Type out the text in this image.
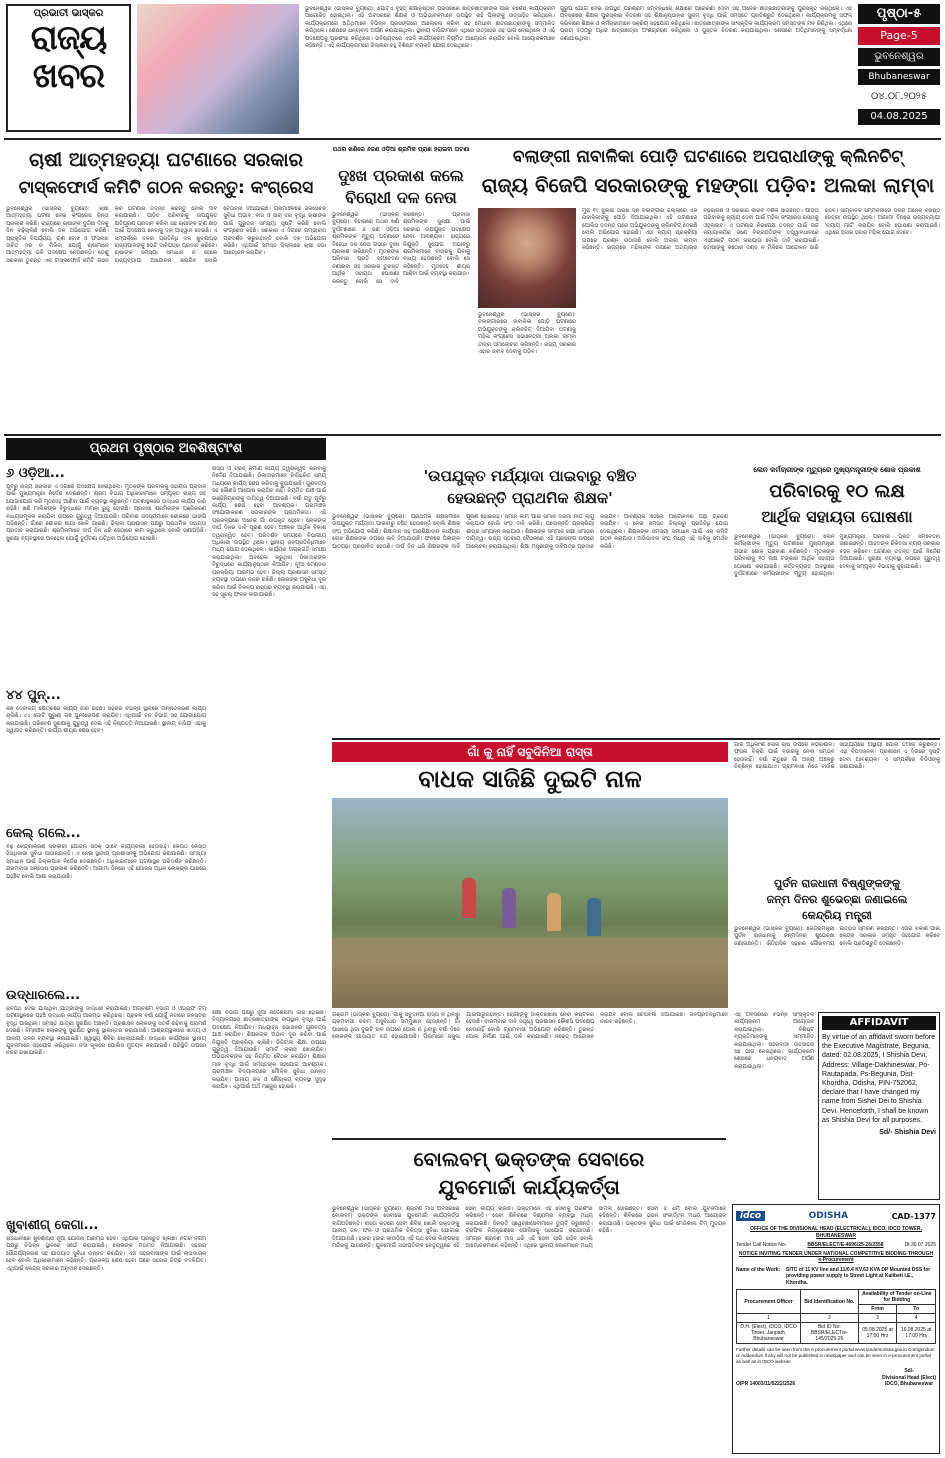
ପ୍ରଭାତୀ ଭାସ୍କର
ରାଜ୍ୟ
ଖବର
ଭୁବନେଶ୍ୱର (ଭାସ୍କର ବ୍ୟୁରୋ): ଗୋଟିଏ ବୃହତ୍ ଶିକ୍ଷାନୁଷ୍ଠାନ ପରିସରରେ ଛାତ୍ରଛାତ୍ରୀଙ୍କ ପାଇଁ ବିଶେଷ କାର୍ଯ୍ୟକ୍ରମ ଆୟୋଜିତ ହୋଇଥିଲା। ଏହି ଅବସରରେ ଶିକ୍ଷକ ଓ ଅଭିଭାବକମାନେ ଉପସ୍ଥିତ ରହି ପିଲାଙ୍କୁ ଉତ୍ସାହିତ କରିଥିଲେ। କାର୍ଯ୍ୟକ୍ରମରେ ଅତିଥିମାନେ ବିଭିନ୍ନ ପ୍ରସଙ୍ଗରେ ଆଲୋଚନା କରିବା ସହ ମେଧାବୀ ଛାତ୍ରଛାତ୍ରୀଙ୍କୁ ସମ୍ମାନିତ କରିଥିଲେ। ଶେଷରେ ଧନ୍ୟବାଦ ଅର୍ପଣ କରାଯାଇଥିଲା। ସ୍ଥାନୀୟ ବାସିନ୍ଦାମାନେ ଏଥିରେ ଉତ୍ସାହର ସହ ଭାଗ ନେଇଥିଲେ ଓ ଏହି ପଦକ୍ଷେପକୁ ପ୍ରଶଂସା କରିଥିଲେ। ଭବିଷ୍ୟତରେ ଏଭଳି କାର୍ଯ୍ୟକ୍ରମ ନିୟମିତ ଆୟୋଜନ କରାଯିବ ବୋଲି ଆୟୋଜକମାନେ କହିଛନ୍ତି। ଏହି କାର୍ଯ୍ୟକ୍ରମରେ ଜିଲ୍ଲାର ବହୁ ବିଶିଷ୍ଟ ବ୍ୟକ୍ତି ଯୋଗ ଦେଇଥିଲେ।
ଗୁରୁପ ଯୋଗ ଦେଇ ଉପସ୍ଥିତ ପରିଶ୍ରମ ସମ୍ବନ୍ଧରେ ଶିକ୍ଷାରେ ପ୍ରେରଣା ଦେବା ସହ ଅନେକ ଛାତ୍ରଛାତ୍ରୀଙ୍କୁ ପୁରସ୍କୃତ କରିଥିଲେ। ଏହି ଅବସରରେ ଶିକ୍ଷକ ପୁରସ୍କାର ବିତରଣ ସହ ଶିକ୍ଷାନୁଷ୍ଠାନର ସୁନାମ ବୃଦ୍ଧି ପାଇଁ ସମସ୍ତେ ପ୍ରତିଶ୍ରୁତି ଦେଇଥିଲେ। କାର୍ଯ୍ୟକ୍ରମକୁ ସଫଳ କରିବାରେ ଶିକ୍ଷକ ଓ କର୍ମଚାରୀମାନେ ସକ୍ରିୟ ସହଯୋଗ କରିଥିଲେ। ଛାତ୍ରଛାତ୍ରୀଙ୍କ ସାଂସ୍କୃତିକ କାର୍ଯ୍ୟକ୍ରମ ସମସ୍ତଙ୍କ ମନ ଜିଣିଥିଲା। ଏଥିରେ ପ୍ରାୟ ୫୦୦ରୁ ଅଧିକ ଛାତ୍ରଛାତ୍ରୀ ଅଂଶଗ୍ରହଣ କରିଥିଲେ ଓ ପୁସ୍ତକ ବିତରଣ କରାଯାଇଥିଲା। ଶେଷରେ ଅତିଥିମାନଙ୍କୁ ସମ୍ବର୍ଦ୍ଧନା ଜଣାଯାଇଥିଲା।
ପୃଷ୍ଠା-୫
Page-5
ଭୁବନେଶ୍ୱର
Bhubaneswar
୦୪.୦୮.୨୦୨୫
04.08.2025
ଚାଷୀ ଆତ୍ମହତ୍ୟା ଘଟଣାରେ ସରକାର
ଟାସ୍କଫୋର୍ସ କମିଟି ଗଠନ କରନ୍ତୁ: କଂଗ୍ରେସ
ଭୁବନେଶ୍ୱର (ଭାସ୍କର ବ୍ୟୁରୋ): ଚାଷୀ ଆତ୍ମହତ୍ୟା ଘଟଣା ନେଇ କଂଗ୍ରେସ ଚିନ୍ତା ପ୍ରକାଶ କରିଛି। ରାଜ୍ୟରେ ଚାଷୀଙ୍କ ଦୁର୍ଦ୍ଦଶା ଦିନକୁ ଦିନ ବଢ଼ିଚାଲିଛି ବୋଲି ଦଳ ଅଭିଯୋଗ କରିଛି। ପ୍ରାକୃତିକ ବିପର୍ଯ୍ୟୟ, ଋଣ ବୋଝ ଓ ଫସଲର ଉଚିତ ଦର ନ ମିଳିବା ଯୋଗୁଁ ଚାଷୀମାନେ ଆତ୍ମହତ୍ୟା ଭଳି ପଦକ୍ଷେପ ନେଉଛନ୍ତି। ତେଣୁ ସରକାର ତୁରନ୍ତ ଏକ ଟାସ୍କଫୋର୍ସ କମିଟି ଗଠନ କରି ଘଟଣାର ତଦନ୍ତ କରନ୍ତୁ ବୋଲି ଦାବି କରାଯାଇଛି। ପୀଡ଼ିତ ପରିବାରକୁ ଉପଯୁକ୍ତ କ୍ଷତିପୂରଣ ପ୍ରଦାନ କରିବା ସହ ଚାଷୀଙ୍କ ଋଣ ଛାଡ଼ ପାଇଁ ପଦକ୍ଷେପ ନେବାକୁ ଦଳ ଆହ୍ୱାନ ଦେଇଛି। ଏ ସମ୍ପର୍କରେ ଦଳର ପ୍ରତିନିଧି ଦଳ ଖୁବଶୀଘ୍ର ରାଜ୍ୟପାଳଙ୍କୁ ଭେଟି ଦାବିପତ୍ର ପ୍ରଦାନ କରିବେ। ଚାଷୀଙ୍କ ସମସ୍ୟା ସମାଧାନ ନ ହେଲେ ରାଜ୍ୟବ୍ୟାପୀ ଆନ୍ଦୋଳନ କରାଯିବ ବୋଲି ଚେତାବନୀ ଦିଆଯାଇଛି। ଗ୍ରାମାଞ୍ଚଳରେ ଜଳସେଚନ ସୁବିଧା ଅଭାବ, ବୀଜ ଓ ସାର ଦର ବୃଦ୍ଧି ଚାଷୀଙ୍କ ପାଇଁ ଗୁରୁତର ସମସ୍ୟା ସୃଷ୍ଟି କରିଛି ବୋଲି କଂଗ୍ରେସ କହିଛି। ସରକାର ଏ ଦିଗରେ ଗମ୍ଭୀରତା ପ୍ରଦର୍ଶନ କରୁନାହାନ୍ତି ବୋଲି ଦଳ ଅଭିଯୋଗ କରିଛି। ଏଥିପାଇଁ ସମସ୍ତ ଜିଲ୍ଲାରେ ଚାଷୀ ସଭା ଆୟୋଜନ କରାଯିବ।
ପଥର ଖଣିରେ ୬ଜଣ ଓଡ଼ିଆ ଶ୍ରମିକ ପ୍ରାଣ ହରାଇବା ଘଟଣା
ଦୁଃଖ ପ୍ରକାଶ କଲେ
ବିରୋଧୀ ଦଳ ନେତା
ଭୁବନେଶ୍ୱର (ଭାସ୍କର ବ୍ୟୁରୋ): ବିହାରରେ ପଥର ଖଣି ଦୁର୍ଘଟଣାରେ ୬ ଜଣ ଓଡ଼ିଆ ଶ୍ରମିକଙ୍କ ମୃତ୍ୟୁ ଘଟଣାରେ ବିରୋଧୀ ଦଳ ନେତା ଗଭୀର ଦୁଃଖ ପ୍ରକାଶ କରିଛନ୍ତି। ମୃତକଙ୍କ ପରିବାର ପ୍ରତି ସମବେଦନା ଜଣାଇବା ସହ ସରକାର ତୁରନ୍ତ ଆର୍ଥିକ ସହାୟତା ଘୋଷଣା କରନ୍ତୁ ବୋଲି ସେ ଦାବି କରିଛନ୍ତି। ପ୍ରବାସୀ ଶ୍ରମିକଙ୍କ ସୁରକ୍ଷା ପାଇଁ ସରକାର ଉପଯୁକ୍ତ ପଦକ୍ଷେପ ନେବା ଆବଶ୍ୟକ। ରାଜ୍ୟରେ ନିଯୁକ୍ତି ସୁଯୋଗ ଅଭାବରୁ ଶ୍ରମିକମାନେ ବାହାରକୁ ଯିବାକୁ ବାଧ୍ୟ ହେଉଛନ୍ତି ବୋଲି ସେ କହିଛନ୍ତି। ମୃତଦେହ ଶୀଘ୍ର ଆଣିବା ପାଇଁ ବ୍ୟବସ୍ଥା କରାଯାଉ।
ବଲାଙ୍ଗୀ ନାବାଳିକା ପୋଡ଼ି ଘଟଣାରେ ଅପରାଧୀଙ୍କୁ କ୍ଲିନଚିଟ୍
ରାଜ୍ୟ ବିଜେପି ସରକାରଙ୍କୁ ମହଙ୍ଗା ପଡ଼ିବ: ଅଲକା ଲାମ୍ବା
ଭୁବନେଶ୍ୱର (ଭାସ୍କର ବ୍ୟୁରୋ): ବଲାଙ୍ଗୀରରେ ନାବାଳିକା ପୋଡ଼ି ଘଟଣାରେ ଅଭିଯୁକ୍ତଙ୍କୁ କ୍ଲିନଚିଟ୍ ଦିଆଯିବା ଘଟଣାକୁ ମହିଳା କଂଗ୍ରେସ ସଭାନେତ୍ରୀ ଅଲକା ଲାମ୍ବା ତୀବ୍ର ସମାଲୋଚନା କରିଛନ୍ତି। ରାଜ୍ୟ ସରକାର ଏହାର ଜବାବ ଦେବାକୁ ପଡ଼ିବ।
ମୁହାଁ ୧୯ ଜୁଲାଇ ତାରିଖ ଦିନ ବଲାଙ୍ଗୀର ଜିଲ୍ଲାରେ ଏକ ନାବାଳିକାଙ୍କୁ ପୋଡ଼ି ଦିଆଯାଇଥିଲା। ଏହି ଘଟଣାରେ ପୋଲିସ ତଦନ୍ତ ପରେ ଅଭିଯୁକ୍ତଙ୍କୁ କ୍ଲିନଚିଟ୍ ଦେଇଛି ବୋଲି ଅଭିଯୋଗ ହୋଇଛି। ଏହା ନ୍ୟାୟ ପ୍ରକ୍ରିୟା ଉପରେ ପ୍ରଶ୍ନ ଉଠାଉଛି ବୋଲି ଅଲକା ଲାମ୍ବା କହିଛନ୍ତି। ରାଜ୍ୟରେ ମହିଳାଙ୍କ ଉପରେ ଅତ୍ୟାଚାର ବଢ଼ିଚାଲିଛି ଓ ସରକାର ନୀରବ ଦର୍ଶକ ସାଜିଛନ୍ତି। ପୀଡ଼ିତା ପରିବାରକୁ ନ୍ୟାୟ ଦେବା ପାଇଁ ମହିଳା କଂଗ୍ରେସ ରାସ୍ତାକୁ ଓହ୍ଲାଇବ। ଏ ଘଟଣାର ନିରପେକ୍ଷ ତଦନ୍ତ ପାଇଁ ଉଚ୍ଚ ନ୍ୟାୟାଳୟର ଜଣେ ବିଚାରପତିଙ୍କ ତତ୍ତ୍ୱାବଧାନରେ ଏସଆଇଟି ଗଠନ କରାଯାଉ ବୋଲି ଦାବି କରାଯାଇଛି। ଦୋଷୀଙ୍କୁ କଠୋର ଦଣ୍ଡ ନ ମିଳିଲେ ଆନ୍ଦୋଳନ ଜାରି ରହିବ। ସାମ୍ବାଦିକ ସମ୍ମିଳନୀରେ ଦଳର ଅନେକ ବରିଷ୍ଠ ନେତ୍ରୀ ଉପସ୍ଥିତ ଥିଲେ। ଆଗାମୀ ଦିନରେ ରାଜ୍ୟବ୍ୟାପୀ 'ନ୍ୟାୟ ମାର୍ଚ୍ଚ' କରାଯିବ ବୋଲି ଘୋଷଣା କରାଯାଇଛି। ଏଥିରେ ହଜାର ହଜାର ମହିଳା ଯୋଗ ଦେବେ।
ପ୍ରଥମ ପୃଷ୍ଠାର ଅବଶିଷ୍ଟାଂଶ
୬ ଓଡ଼ିଆ...
ପୂର୍ବରୁ ରାଜ୍ୟ ସରକାର ଏ ଦିଗରେ ପଦକ୍ଷେପ ନେଇଥିଲେ। ମୃତକଙ୍କ ପରିବାରକୁ ସହାୟତା ପ୍ରଦାନ ପାଇଁ ମୁଖ୍ୟମନ୍ତ୍ରୀ ନିର୍ଦ୍ଦେଶ ଦେଇଛନ୍ତି। ଶ୍ରମ ବିଭାଗ ଅଧିକାରୀମାନେ ସମ୍ପୃକ୍ତ ରାଜ୍ୟ ସହ ଯୋଗାଯୋଗ କରି ମୃତଦେହ ଆଣିବା ପାଇଁ ବ୍ୟବସ୍ଥା କରୁଛନ୍ତି। ଘଟଣାସ୍ଥଳରେ ଉଦ୍ଧାର କାର୍ଯ୍ୟ ଜାରି ରହିଛି। ଖଣି ମାଲିକଙ୍କ ବିରୁଦ୍ଧରେ ମାମଲା ରୁଜୁ ହୋଇଛି। ପ୍ରବାସୀ ଶ୍ରମିକଙ୍କ ପଞ୍ଜିକରଣ ବାଧ୍ୟତାମୂଳକ କରାଯିବା ଉପରେ ଗୁରୁତ୍ୱ ଦିଆଯାଉଛି। ପରିବାର ସଦସ୍ୟମାନେ ଶୋକରେ ଭାଙ୍ଗି ପଡ଼ିଛନ୍ତି। ଗାଁରେ ଶୋକର ଛାୟା ଖେଳି ଯାଇଛି। ଜିଲ୍ଲା ପ୍ରଶାସନ ପକ୍ଷରୁ ପ୍ରାଥମିକ ସହାୟତା ପ୍ରଦାନ କରାଯାଇଛି। ଶ୍ରମିକମାନେ ଦୀର୍ଘ ଦିନ ଧରି ସେଠାରେ କାମ କରୁଥିଲେ ବୋଲି ଜଣାପଡ଼ିଛି। ସୁରକ୍ଷା ବ୍ୟବସ୍ଥାରେ ଅବହେଳା ଯୋଗୁଁ ଦୁର୍ଘଟଣା ଘଟିଥିବା ଅଭିଯୋଗ ହୋଇଛି।
୪୪ ପୁନ୍...
କିଛି ଦେବାଳୟ କ୍ଷେତ୍ରରେ କାର୍ଯ୍ୟ ଜାରି ରହିଛି। ସହରର ବିଭିନ୍ନ ସ୍ଥାନରେ ଉନ୍ନତିକରଣ କାର୍ଯ୍ୟ ଚାଲିଛି। ୪୪ ଗୋଟି ପୁରୁଣା ଗଛ ପୁନଃରୋପଣ କରାଯିବ। ଏଥିପାଇଁ ବନ ବିଭାଗ ସହ ଯୋଗାଯୋଗ କରାଯାଇଛି। ପରିବେଶ ସୁରକ୍ଷାକୁ ଗୁରୁତ୍ୱ ଦେଇ ଏହି ନିଷ୍ପତ୍ତି ନିଆଯାଇଛି। ସ୍ଥାନୀୟ ବାସିନ୍ଦା ଏହାକୁ ସ୍ୱାଗତ କରିଛନ୍ତି। କାର୍ଯ୍ୟ ଶୀଘ୍ର ଶେଷ ହେବ।
କେଲ୍ ଗଲେ...
ବଢ଼ି କେନ୍ଦ୍ରୀକରଣ ସରକାରୀ ଯୋଜନା ସଠିକ୍ ଭାବେ କାର୍ଯ୍ୟକାରୀ ହେଉନାହିଁ। କେଉଁଠି କେଉଁଠି ହିତାଧିକାରୀ ସୁବିଧା ପାଉନାହାନ୍ତି। ଏ ନେଇ ସ୍ଥାନୀୟ ପ୍ରଶାସନକୁ ଅଭିଯୋଗ କରାଯାଇଛି। ସମସ୍ୟା ସମାଧାନ ପାଇଁ ଜିଲ୍ଲାପାଳ ନିର୍ଦ୍ଦେଶ ଦେଇଛନ୍ତି। ଅଧିକାରୀମାନେ ଘଟଣାସ୍ଥଳ ପରିଦର୍ଶନ କରିଛନ୍ତି। ଗ୍ରାମବାସୀ ସନ୍ତୋଷ ପ୍ରକାଶ କରିଛନ୍ତି। ଆଗାମୀ ଦିନରେ ଏହି ଯୋଜନା ଅଧିକ ଲୋକଙ୍କ ପାଖରେ ପହଞ୍ଚିବ ବୋଲି ଆଶା କରାଯାଉଛି।
ଉଦ୍ଧାରଲେ...
ଜଳପଥ ଦେଇ ଯାଉଥିବା ଯାତ୍ରୀଙ୍କୁ ଉଦ୍ଧାର କରାଯାଇଛି। ଅଗ୍ନିଶମ ବିଭାଗ ଓ ଓଡ୍ରାଫ ଟିମ୍ ଘଟଣାସ୍ଥଳରେ ପହଞ୍ଚି ଉଦ୍ଧାର କାର୍ଯ୍ୟ ଆରମ୍ଭ କରିଥିଲେ। ପ୍ରବଳ ବର୍ଷା ଯୋଗୁଁ ନଦୀରେ ଜଳସ୍ତର ବୃଦ୍ଧି ପାଇଥିଲା। ସମସ୍ତ ଯାତ୍ରୀ ସୁରକ୍ଷିତ ଅଛନ୍ତି। ପ୍ରଶାସନ ଲୋକଙ୍କୁ ସତର୍କ ରହିବାକୁ ପରାମର୍ଶ ଦେଇଛି। ନିମ୍ନାଞ୍ଚଳ ଲୋକଙ୍କୁ ସୁରକ୍ଷିତ ସ୍ଥାନକୁ ସ୍ଥାନାନ୍ତର କରାଯାଉଛି। ଆଶ୍ରୟସ୍ଥଳୀରେ ଖାଦ୍ୟ ଓ ପାନୀୟ ଜଳର ବ୍ୟବସ୍ଥା କରାଯାଇଛି। ସ୍ୱାସ୍ଥ୍ୟ ଶିବିର ଖୋଲାଯାଇଛି। ଉଦ୍ଧାର କାର୍ଯ୍ୟରେ ସ୍ଥାନୀୟ ଯୁବକମାନେ ସହଯୋଗ କରିଥିଲେ। ନଦୀ କୂଳରେ ପୋଲିସ ମୁତୟନ କରାଯାଇଛି। ପରିସ୍ଥିତି ଉପରେ ନଜର ରଖାଯାଇଛି।
ଖୁବାଶୀଗ୍ କେଗା...
ରାଜଧାନୀରେ ଖୁବଶୀଘ୍ର ନୂଆ ଯୋଜନା ଆରମ୍ଭ ହେବ। ଏଥିପାଇଁ ପ୍ରସ୍ତୁତି ଚାଲିଛି। ନଗର ନିଗମ ପକ୍ଷରୁ ବିଭିନ୍ନ ସ୍ଥାନରେ ସର୍ଭେ କରାଯାଇଛି। ଲୋକଙ୍କ ମତାମତ ନିଆଯାଇଛି। ସହରର ସୌନ୍ଦର୍ଯ୍ୟକରଣ ସହ ଯାତାୟାତ ସୁବିଧା ଉନ୍ନତ କରାଯିବ। ଏହା ସହରବାସୀଙ୍କ ପାଇଁ ଲାଭଦାୟକ ହେବ ବୋଲି ଅଧିକାରୀମାନେ କହିଛନ୍ତି। ପ୍ରକଳ୍ପ ଶେଷ ହେବା ପରେ ସହରର ଚିତ୍ର ବଦଳିଯିବ। ଏଥିପାଇଁ କେନ୍ଦ୍ର ସରକାର ଅନୁଦାନ ଦେଇଛନ୍ତି।
ରାସ୍ତା ଓ ବ୍ରିଜ୍ ନିର୍ମାଣ କାର୍ଯ୍ୟ ତ୍ୱରାନ୍ୱିତ କରିବାକୁ ନିର୍ଦ୍ଦେଶ ଦିଆଯାଇଛି। ଠିକାଦାରମାନେ ନିର୍ଦ୍ଧାରିତ ସମୟ ମଧ୍ୟରେ କାର୍ଯ୍ୟ ଶେଷ କରିବାକୁ କୁହାଯାଇଛି। ଗୁଣବତ୍ତା ସହ କୌଣସି ଆପୋଷ କରାଯିବ ନାହିଁ। ନିୟମିତ ଯାଞ୍ଚ ପାଇଁ ଇଞ୍ଜିନିୟରଙ୍କୁ ଦାୟିତ୍ୱ ଦିଆଯାଇଛି। ବର୍ଷା ଋତୁ ପୂର୍ବରୁ କାର୍ଯ୍ୟ ଶେଷ ହେବା ଆବଶ୍ୟକ। ଗ୍ରାମାଞ୍ଚଳ ସଂଯୋଗୀକରଣ ସରକାରଙ୍କ ପ୍ରାଥମିକତା। ଏହି ପ୍ରକଳ୍ପରେ ଅନେକ ଗାଁ ଉପକୃତ ହେବେ। ଲୋକଙ୍କ ଦୀର୍ଘ ଦିନର ଦାବି ପୂରଣ ହେବ। ଅଞ୍ଚଳର ଆର୍ଥିକ ବିକାଶ ତ୍ୱରାନ୍ୱିତ ହେବ। ପରିଦର୍ଶନ ସମୟରେ ବିଭାଗୀୟ ଅଧିକାରୀ ଉପସ୍ଥିତ ଥିଲେ। ସ୍ଥାନୀୟ ଜନପ୍ରତିନିଧିମାନେ ମଧ୍ୟ ଯୋଗ ଦେଇଥିଲେ। କାର୍ଯ୍ୟର ଅଗ୍ରଗତି ସମୀକ୍ଷା କରାଯାଇଥିଲା। ଅବହେଳା କରୁଥିବା ଠିକାଦାରଙ୍କ ବିରୁଦ୍ଧରେ କାର୍ଯ୍ୟାନୁଷ୍ଠାନ ନିଆଯିବ। ନୂଆ ଟେଣ୍ଡର ପ୍ରକ୍ରିୟା ଆରମ୍ଭ ହେବ। ଜିଲ୍ଲା ପ୍ରଶାସନ ସମସ୍ତ ବ୍ୟବସ୍ଥା ଉପରେ ନଜର ରଖିଛି। ଲୋକଙ୍କ ଅସୁବିଧା ଦୂର କରିବା ପାଇଁ ବିକଳ୍ପ ରାସ୍ତାର ବ୍ୟବସ୍ଥା କରାଯାଇଛି। ଏହା ସହ ସୂଚନା ଫଳକ ଲଗାଯାଇଛି।
ଶିକ୍ଷା ବିଭାଗ ପକ୍ଷରୁ ନୂଆ ନିର୍ଦ୍ଦେଶନାମା ଜାରି ହୋଇଛି। ବିଦ୍ୟାଳୟରେ ଛାତ୍ରଛାତ୍ରୀଙ୍କ ଉପସ୍ଥାନ ବୃଦ୍ଧି ପାଇଁ ପଦକ୍ଷେପ ନିଆଯିବ। ମଧ୍ୟାହ୍ନ ଭୋଜନର ଗୁଣବତ୍ତା ଯାଞ୍ଚ କରାଯିବ। ଶିକ୍ଷକଙ୍କ ଅଭାବ ଦୂର କରିବା ପାଇଁ ନିଯୁକ୍ତି ପ୍ରକ୍ରିୟା ଚାଲିଛି। ଡିଜିଟାଲ ଶିକ୍ଷା ଉପରେ ଗୁରୁତ୍ୱ ଦିଆଯାଉଛି। ସ୍ମାର୍ଟ କ୍ଲାସ ଖୋଲାଯିବ। ଅଭିଭାବକଙ୍କ ସହ ନିୟମିତ ବୈଠକ କରାଯିବ। ଶିକ୍ଷାର ମାନ ବୃଦ୍ଧି ପାଇଁ ସମସ୍ତଙ୍କ ସହଯୋଗ ଆବଶ୍ୟକ। ଗ୍ରାମାଞ୍ଚଳ ବିଦ୍ୟାଳୟରେ ମୌଳିକ ସୁବିଧା ଉନ୍ନତ କରାଯିବ। ପାନୀୟ ଜଳ ଓ ଶୌଚାଳୟ ବ୍ୟବସ୍ଥା ସୁଦୃଢ଼ କରାଯିବ। ଏଥିପାଇଁ ଅର୍ଥ ମଞ୍ଜୁର ହୋଇଛି।
'ଉପଯୁକ୍ତ ମର୍ଯ୍ୟାଦା ପାଇବାରୁ ବଞ୍ଚିତ
ହେଉଛନ୍ତି ପ୍ରାଥମିକ ଶିକ୍ଷକ'
ଭୁବନେଶ୍ୱର (ଭାସ୍କର ବ୍ୟୁରୋ): ପ୍ରାଥମିକ ଶିକ୍ଷକମାନେ ଉପଯୁକ୍ତ ମର୍ଯ୍ୟାଦା ପାଇବାରୁ ବଞ୍ଚିତ ହେଉଛନ୍ତି ବୋଲି ଶିକ୍ଷକ ସଂଘ ଅଭିଯୋଗ କରିଛି। ଶିକ୍ଷାଦାନ ସହ ଅଣଶିକ୍ଷାଦାନ କାର୍ଯ୍ୟର ବୋଝ ଶିକ୍ଷକଙ୍କ ଉପରେ ଲଦି ଦିଆଯାଉଛି। ଫଳରେ ପିଲାଙ୍କ ପାଠପଢ଼ା ପ୍ରଭାବିତ ହେଉଛି। ଦୀର୍ଘ ଦିନ ଧରି ଶିକ୍ଷକଙ୍କ ଦାବି ପୂରଣ ହୋଇନାହିଁ। ସମାନ କାମ ପାଇଁ ସମାନ ଦରମା ନୀତି ଲାଗୁ କରାଯାଉ ବୋଲି ସଂଘ ଦାବି କରିଛି। ପଦୋନ୍ନତି ପ୍ରକ୍ରିୟା ଶୀଘ୍ର ସମ୍ପନ୍ନ କରାଯାଉ। ଶିକ୍ଷକଙ୍କ ସମ୍ମାନ ରକ୍ଷା ସମାଜର ଦାୟିତ୍ୱ। ରାଜ୍ୟ ସ୍ତରୀୟ ବୈଠକରେ ଏହି ପ୍ରସଙ୍ଗ ଉପରେ ଆଲୋଚନା କରାଯାଇଥିଲା। ଶିକ୍ଷା ମନ୍ତ୍ରୀଙ୍କୁ ଦାବିପତ୍ର ପ୍ରଦାନ କରାଯିବ। ଆବଶ୍ୟକ ହେଲେ ଆନ୍ଦୋଳନର ପନ୍ଥା ଗ୍ରହଣ କରାଯିବ। ଏ ନେଇ ସମସ୍ତ ଜିଲ୍ଲାରୁ ପ୍ରତିନିଧି ଯୋଗ ଦେଇଥିଲେ। ଶିକ୍ଷକଙ୍କ ସମସ୍ୟା ସମାଧାନ ପାଇଁ ଏକ କମିଟି ଗଠନ କରାଯାଉ। ଅଭିଭାବକ ସଂଘ ମଧ୍ୟ ଏହି ଦାବିକୁ ସମର୍ଥନ କରିଛି।
ଲେନ କର୍ମଚାରୀଙ୍କ ମୃତ୍ୟୁରେ ମୁଖ୍ୟମନ୍ତ୍ରୀଙ୍କ ଶୋକ ପ୍ରକାଶ
ପରିବାରକୁ ୧୦ ଲକ୍ଷ
ଆର୍ଥିକ ସହାୟତା ଘୋଷଣା
ଭୁବନେଶ୍ୱର (ଭାସ୍କର ବ୍ୟୁରୋ): ଲେନ କର୍ମଚାରୀଙ୍କ ମୃତ୍ୟୁ ଘଟଣାରେ ମୁଖ୍ୟମନ୍ତ୍ରୀ ଗଭୀର ଶୋକ ପ୍ରକାଶ କରିଛନ୍ତି। ମୃତକଙ୍କ ପରିବାରକୁ ୧୦ ଲକ୍ଷ ଟଙ୍କାର ଆର୍ଥିକ ସହାୟତା ଘୋଷଣା କରାଯାଇଛି। କର୍ତ୍ତବ୍ୟରତ ଅବସ୍ଥାରେ ଦୁର୍ଘଟଣାରେ କର୍ମଚାରୀଙ୍କ ମୃତ୍ୟୁ ହୋଇଥିଲା। ମୁଖ୍ୟମନ୍ତ୍ରୀ ପରିବାର ପ୍ରତି ସମବେଦନା ଜଣାଇଛନ୍ତି। ଆହତଙ୍କ ଚିକିତ୍ସା ବ୍ୟୟ ସରକାର ବହନ କରିବେ। ଘଟଣାର ତଦନ୍ତ ପାଇଁ ନିର୍ଦ୍ଦେଶ ଦିଆଯାଇଛି। ସୁରକ୍ଷା ବ୍ୟବସ୍ଥା ଉପରେ ଗୁରୁତ୍ୱ ଦେବାକୁ ସମ୍ପୃକ୍ତ ବିଭାଗକୁ କୁହାଯାଇଛି।
ଗାଁ କୁ ନାହିଁ ସବୁଦିନିଆ ରାସ୍ତା
ବାଧକ ସାଜିଛି ଦୁଇଟି ନାଳ
ଗଞ୍ଜାମ (ଭାସ୍କର ବ୍ୟୁରୋ): ଗାଁକୁ ସବୁଦିନିଆ ରାସ୍ତା ନ ଥିବାରୁ ଗ୍ରାମବାସୀ ଚରମ ଅସୁବିଧାର ସମ୍ମୁଖୀନ ହେଉଛନ୍ତି। ଗାଁ ପାଖରେ ଥିବା ଦୁଇଟି ନାଳ ଉପରେ ପୋଲ ନ ଥିବାରୁ ବର୍ଷା ଦିନେ ଲୋକଙ୍କ ଯାତାୟାତ ବନ୍ଦ ହୋଇଯାଉଛି। ପିଲାମାନେ ସ୍କୁଲ ଯାଇପାରୁନାହାନ୍ତି। ରୋଗୀଙ୍କୁ ଡାକ୍ତରଖାନା ନେବା କଷ୍ଟକର ହେଉଛି। ବାରମ୍ବାର ଦାବି ସତ୍ତ୍ୱେ ପ୍ରଶାସନ କୌଣସି ପଦକ୍ଷେପ ନେଉନାହିଁ ବୋଲି ଗ୍ରାମବାସୀ ଅଭିଯୋଗ କରିଛନ୍ତି। ତୁରନ୍ତ ପୋଲ ନିର୍ମାଣ ପାଇଁ ଦାବି କରାଯାଇଛି। ନଚେତ୍ ଆନ୍ଦୋଳନ କରାଯିବ ବୋଲି ଚେତାବନୀ ଦିଆଯାଇଛି। ଜନପ୍ରତିନିଧିମାନେ ନୀରବ ରହିଛନ୍ତି।
ଗାଁର ଅଧିକାଂଶ ଲୋକ ଚାଷ ଉପରେ ନିର୍ଭରଶୀଳ। ଫସଲ ବିକ୍ରି ପାଇଁ ବଜାରକୁ ନେବା ସମ୍ଭବ ହେଉନାହିଁ। ବର୍ଷା ଋତୁରେ ଗାଁ ଅନ୍ୟ ଅଞ୍ଚଳରୁ ବିଚ୍ଛିନ୍ନ ହୋଇଯାଏ। ଗ୍ରାମବାସୀ ନିଜେ ବାଉଁଶ ସାହାଯ୍ୟରେ ଅସ୍ଥାୟୀ ପୋଲ ତିଆରି କରୁଛନ୍ତି। ଏହା ବିପଦଜନକ। ପ୍ରଶାସନ ଏ ଦିଗରେ ଦୃଷ୍ଟି ଦେବା ଆବଶ୍ୟକ। ଏ ସମ୍ପର୍କରେ ବିଡିଓଙ୍କୁ ଜଣାଯାଇଛି।
ପୁର୍ତନ ରାଜଧାନୀ ବିଷ୍ଣୁଙ୍କଙ୍କୁ
ଜନ୍ମ ଦିନର ଶୁଭେଚ୍ଛା ଜଣାଇଲେ
କେନ୍ଦ୍ରିୟ ମନ୍ତ୍ରୀ
ଭୁବନେଶ୍ୱର (ଭାସ୍କର ବ୍ୟୁରୋ): କେନ୍ଦ୍ରମନ୍ତ୍ରୀ ପୁର୍ତନ ରାଜଧାନୀକୁ ଜନ୍ମଦିନର ଶୁଭେଚ୍ଛା ଜଣାଇଛନ୍ତି। ଐତିହାସିକ ସହରର ଗୌରବମୟ ଇତିହାସ ସ୍ମରଣ କରିଛନ୍ତି। ଏହାର ବିକାଶ ପାଇଁ କେନ୍ଦ୍ର ସରକାର ସମସ୍ତ ସହଯୋଗ କରିବେ ବୋଲି ପ୍ରତିଶ୍ରୁତି ଦେଇଛନ୍ତି।
AFFIDAVIT
By virtue of an affidavit sworn before the Executive Magistrate, Begunia, dated: 02.08.2025, I Shishia Devi, Address: Village-Dakhineswar, Po-Rautapada, Ps-Begunia, Dist-Khordha, Odisha, PIN-752062, declare that I have changed my name from Sishei Dei to Shishia Devi. Henceforth, I shall be known as Shishia Devi for all purposes.
Sd/- Shishia Devi
ଏହି ଅବସରରେ ବିଭିନ୍ନ ସାଂସ୍କୃତିକ କାର୍ଯ୍ୟକ୍ରମ ଆୟୋଜନ କରାଯାଇଥିଲା। ବିଶିଷ୍ଟ ବ୍ୟକ୍ତିମାନଙ୍କୁ ସମ୍ମାନିତ କରାଯାଇଥିଲା। ସହରବାସୀ ଉତ୍ସାହର ସହ ଭାଗ ନେଇଥିଲେ। କାର୍ଯ୍ୟକ୍ରମ ଶେଷରେ ଧନ୍ୟବାଦ ଅର୍ପଣ କରାଯାଇଥିଲା।
ବୋଲବମ୍ ଭକ୍ତଙ୍କ ସେବାରେ
ଯୁବମୋର୍ଚ୍ଚା କାର୍ଯ୍ୟକର୍ତ୍ତା
ଭୁବନେଶ୍ୱର (ଭାସ୍କର ବ୍ୟୁରୋ): ଶ୍ରାବଣ ମାସ ଅବସରରେ ବୋଲବମ୍ ଭକ୍ତଙ୍କ ସେବାରେ ଯୁବମୋର୍ଚ୍ଚା କାର୍ଯ୍ୟକର୍ତ୍ତା ଲାଗିପଡ଼ିଛନ୍ତି। ରାସ୍ତା କଡ଼ରେ ସେବା ଶିବିର ଖୋଲି ଭକ୍ତଙ୍କୁ ପାନୀୟ ଜଳ, ଫଳ ଓ ପ୍ରାଥମିକ ଚିକିତ୍ସା ସୁବିଧା ଯୋଗାଇ ଦିଆଯାଉଛି। ହଜାର ହଜାର କାଉଡ଼ିଆ ଏହି ପଥ ଦେଇ ଲିଙ୍ଗରାଜ ମନ୍ଦିରକୁ ଯାଉଛନ୍ତି। ଯୁବମୋର୍ଚ୍ଚା ସଭାପତିଙ୍କ ନେତୃତ୍ୱରେ ଏହି ସେବା କାର୍ଯ୍ୟ ଚାଲିଛି। ଭକ୍ତମାନେ ଏହି ସେବାକୁ ପ୍ରଶଂସା କରିଛନ୍ତି। ସେବା ଶିବିରରେ ବିଶ୍ରାମର ବ୍ୟବସ୍ଥା ମଧ୍ୟ କରାଯାଇଛି। ଦିନରାତି ସ୍ୱେଚ୍ଛାସେବୀମାନେ ଡ୍ୟୁଟି କରୁଛନ୍ତି। ଟ୍ରାଫିକ ନିୟନ୍ତ୍ରଣରେ ପୋଲିସକୁ ସହଯୋଗ କରାଯାଉଛି। ସମଗ୍ର ଶ୍ରାବଣ ମାସ ଧରି ଏହି ସେବା ଜାରି ରହିବ ବୋଲି ଆୟୋଜକମାନେ କହିଛନ୍ତି। ଏଥିରେ ସ୍ଥାନୀୟ ଲୋକମାନେ ମଧ୍ୟ ସାମିଲ ହୋଇଛନ୍ତି। ସେବା ହିଁ ଧର୍ମ ବୋଲି ଯୁବକମାନେ କହିଛନ୍ତି। ଶିବିରରେ ଭଜନ ସଂକୀର୍ତ୍ତନ ମଧ୍ୟ ଆୟୋଜନ କରାଯାଉଛି। ଭକ୍ତଙ୍କ ସୁବିଧା ପାଇଁ ମେଡିକାଲ ଟିମ୍ ମୁତୟନ ରହିଛି।
idco	ODISHA	CAD-1377
OFFICE OF THE DIVISIONAL HEAD (ELECTRICAL), IDCO, IDCO TOWER, BHUBANESWAR
Tender Call Notice No-	BBSR/ELECT/E-4696/25-26/2358	Dt.30.07.2025
NOTICE INVITING TENDER UNDER NATIONAL COMPETITIVE BIDDING THROUGH e-Procurement
Name of the Work:	SITC of 11 KV line and 11/0.4 KV,63 KVA DP Mounted DSS for providing power supply to Street Light at Kalibeti I.E., Khordha.
Procurement Officer	Bid Identification No.	Availability of Tender on-Line for Bidding	
		From	To
1	2	3	4
D.H. (Elect), IDCO, IDCO Tower, Janpath, Bhubaneswar	Bid ID No: BBSR/ELECT/e-145/2025-26	05.08.2025 at 17:00 Hrs	16.08.2025 at 17:00 Hrs
Further details can be seen from the e-procurement portal www.tendersorissa.gov.in Corrigendum or Addendum if any will not be published in newspaper and can be seen in e-procurement portal as well as in IDCO website
OIPR 14003/11/0222/2526
Sd/-
Divisional Head (Elect)
IDCO, Bhubaneswar
